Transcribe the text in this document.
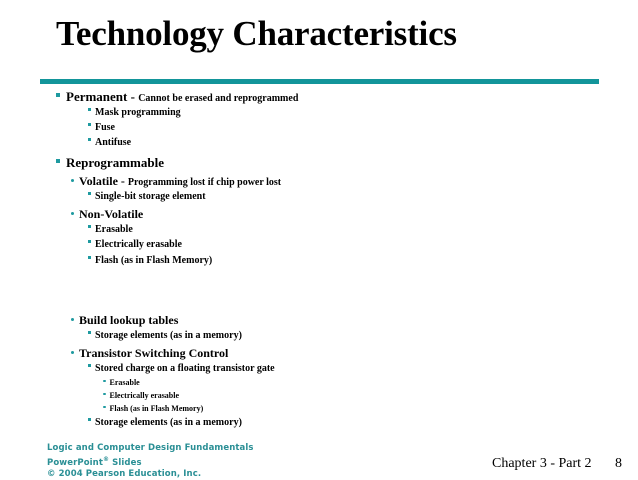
Technology Characteristics
Permanent - Cannot be erased and reprogrammed
Mask programming
Fuse
Antifuse
Reprogrammable
Volatile - Programming lost if chip power lost
Single-bit storage element
Non-Volatile
Erasable
Electrically erasable
Flash (as in Flash Memory)
Build lookup tables
Storage elements (as in a memory)
Transistor Switching Control
Stored charge on a floating transistor gate
Erasable
Electrically erasable
Flash (as in Flash Memory)
Storage elements (as in a memory)
Logic and Computer Design Fundamentals
PowerPoint® Slides
© 2004 Pearson Education, Inc.
Chapter 3 - Part 2 8
